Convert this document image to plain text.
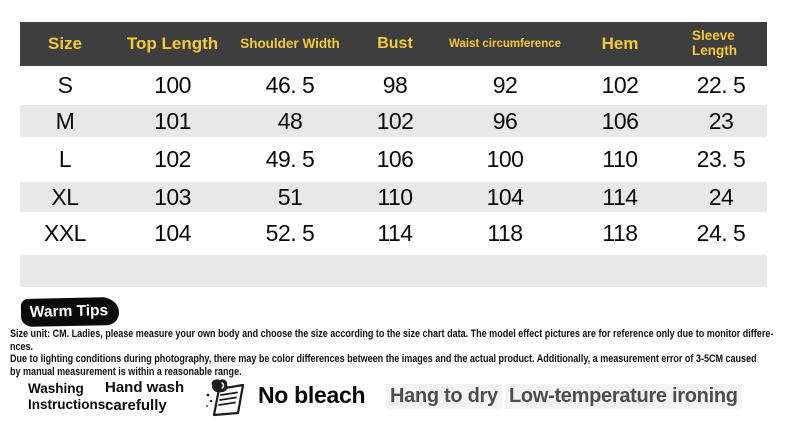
Size	Top Length	Shoulder Width	Bust	Waist circumference	Hem	Sleeve Length
S	100	46. 5	98	92	102	22. 5
M	101	48	102	96	106	23
L	102	49. 5	106	100	110	23. 5
XL	103	51	110	104	114	24
XXL	104	52. 5	114	118	118	24. 5
Warm Tips
Size unit: CM. Ladies, please measure your own body and choose the size according to the size chart data. The model effect pictures are for reference only due to monitor differe-
nces.
Due to lighting conditions during photography, there may be color differences between the images and the actual product. Additionally, a measurement error of 3-5CM caused
by manual measurement is within a reasonable range.
Washing
Instructions:
Hand wash
carefully	No bleach Hang to dry Low-temperature ironing
